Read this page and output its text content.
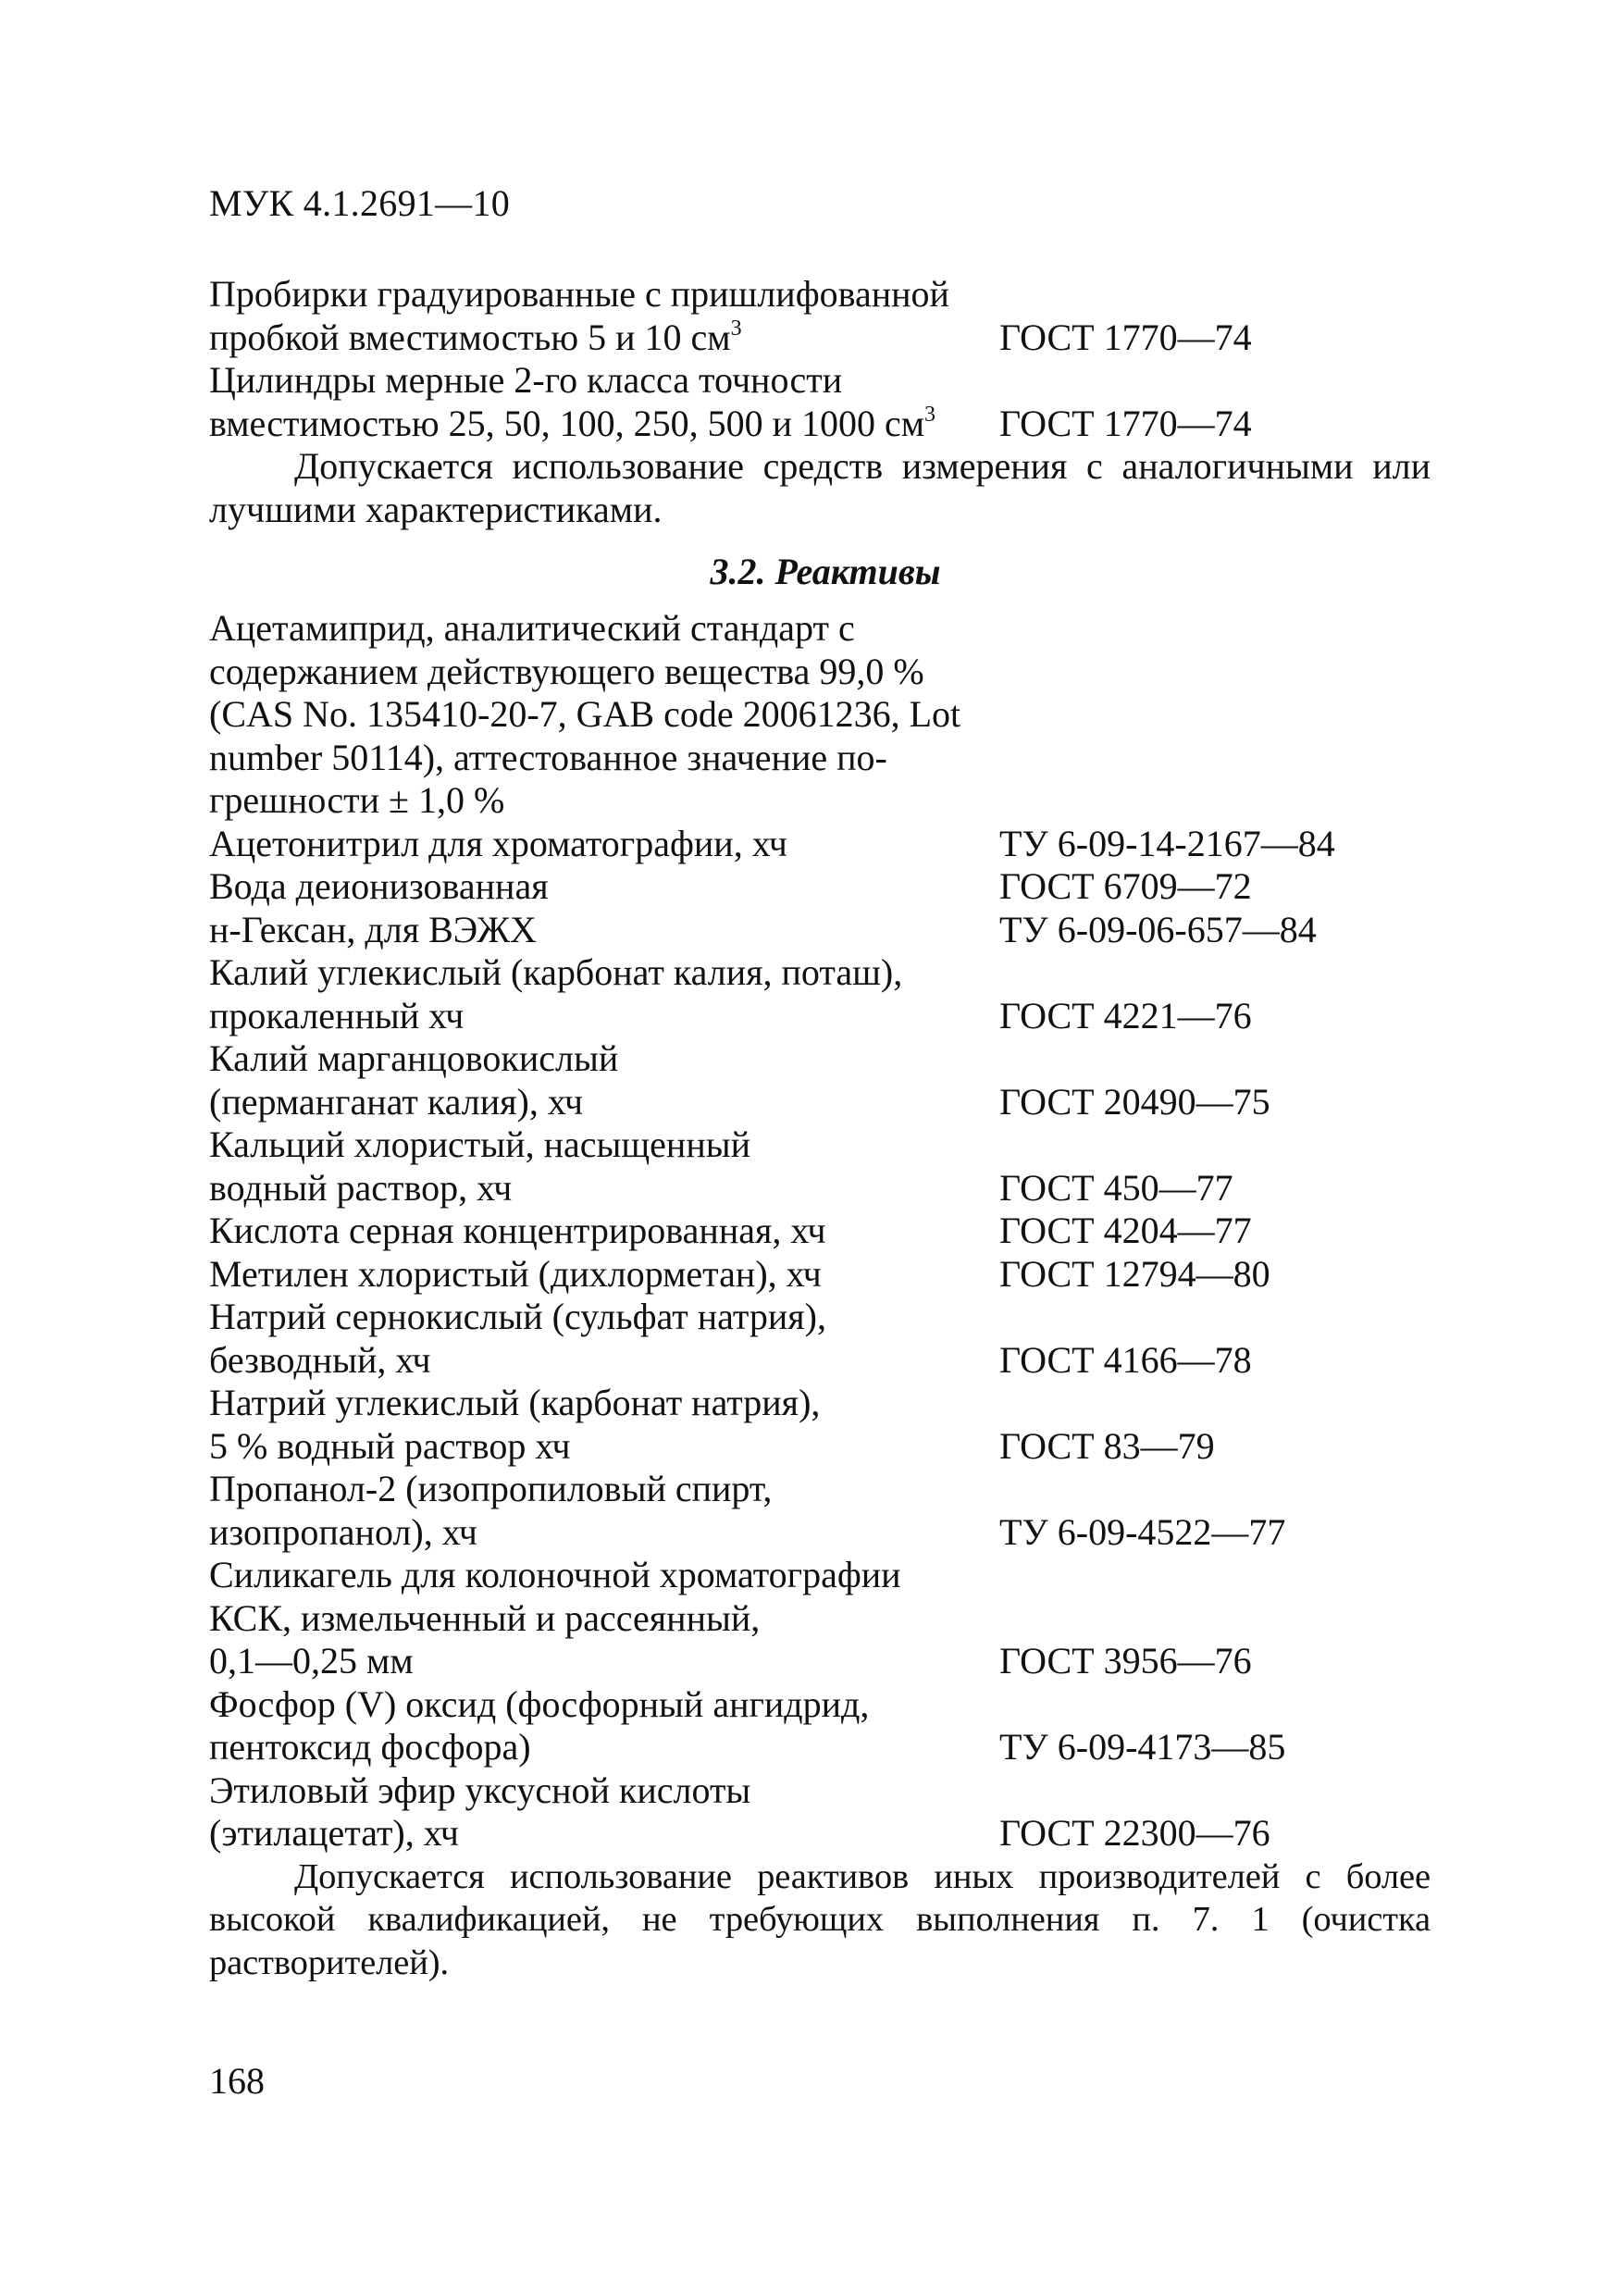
МУК 4.1.2691—10
Пробирки градуированные с пришлифованной
пробкой вместимостью 5 и 10 $см^3$	ГОСТ 1770—74
Цилиндры мерные 2-го класса точности
вместимостью 25, 50, 100, 250, 500 и 1000 $см^3$ ГОСТ 1770—74

Допускается использование средств измерения с аналогичными или лучшими характеристиками.

3.2. Реактивы
Ацетамиприд, аналитический стандарт с
содержанием действующего вещества 99,0 %
(CAS No. 135410-20-7, GAB code 20061236, Lot
number 50114), аттестованное значение по-
грешности ± 1,0 %
Ацетонитрил для хроматографии, хч	ТУ 6-09-14-2167—84
Вода деионизованная	ГОСТ 6709—72
н-Гексан, для ВЭЖХ	ТУ 6-09-06-657—84
Калий углекислый (карбонат калия, поташ),
прокаленный хч	ГОСТ 4221—76
Калий марганцовокислый
(перманганат калия), хч	ГОСТ 20490—75
Кальций хлористый, насыщенный
водный раствор, хч	ГОСТ 450—77
Кислота серная концентрированная, хч	ГОСТ 4204—77
Метилен хлористый (дихлорметан), хч	ГОСТ 12794—80
Натрий сернокислый (сульфат натрия),
безводный, хч	ГОСТ 4166—78
Натрий углекислый (карбонат натрия),
5 % водный раствор хч	ГОСТ 83—79
Пропанол-2 (изопропиловый спирт,
изопропанол), хч	ТУ 6-09-4522—77
Силикагель для колоночной хроматографии
КСК, измельченный и рассеянный,
0,1—0,25 мм	ГОСТ 3956—76
Фосфор (V) оксид (фосфорный ангидрид,
пентоксид фосфора)	ТУ 6-09-4173—85
Этиловый эфир уксусной кислоты
(этилацетат), хч	ГОСТ 22300—76

Допускается использование реактивов иных производителей с более высокой квалификацией, не требующих выполнения п. 7. 1 (очистка растворителей).

168
